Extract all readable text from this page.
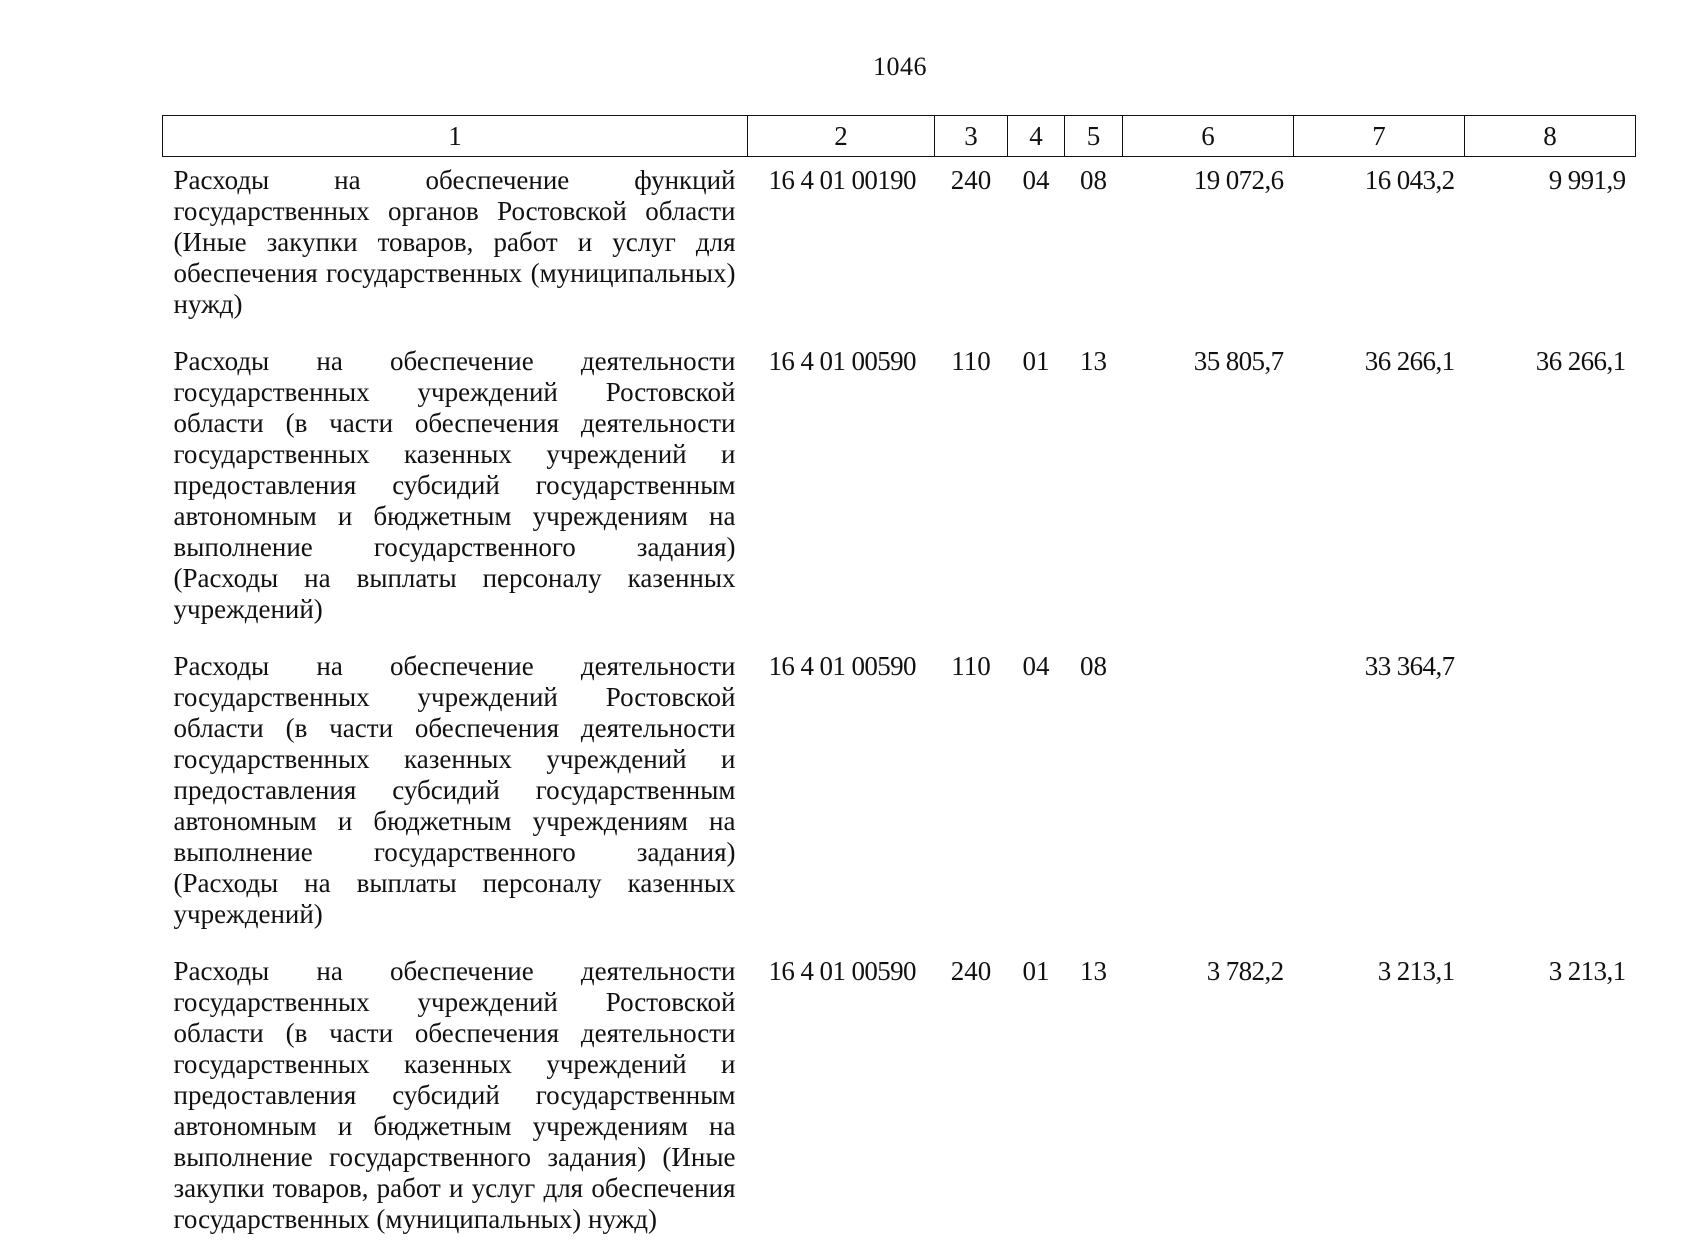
1046
1	2	3	4	5	6	7	8
Расходы на обеспечение функций государственных органов Ростовской области (Иные закупки товаров, работ и услуг для обеспечения государственных (муниципальных) нужд)	16 4 01 00190	240	04	08	19 072,6	16 043,2	9 991,9
Расходы на обеспечение деятельности государственных учреждений Ростовской области (в части обеспечения деятельности государственных казенных учреждений и предоставления субсидий государственным автономным и бюджетным учреждениям на выполнение государственного задания) (Расходы на выплаты персоналу казенных учреждений)	16 4 01 00590	110	01	13	35 805,7	36 266,1	36 266,1
Расходы на обеспечение деятельности государственных учреждений Ростовской области (в части обеспечения деятельности государственных казенных учреждений и предоставления субсидий государственным автономным и бюджетным учреждениям на выполнение государственного задания) (Расходы на выплаты персоналу казенных учреждений)	16 4 01 00590	110	04	08		33 364,7	
Расходы на обеспечение деятельности государственных учреждений Ростовской области (в части обеспечения деятельности государственных казенных учреждений и предоставления субсидий государственным автономным и бюджетным учреждениям на выполнение государственного задания) (Иные закупки товаров, работ и услуг для обеспечения государственных (муниципальных) нужд)	16 4 01 00590	240	01	13	3 782,2	3 213,1	3 213,1
